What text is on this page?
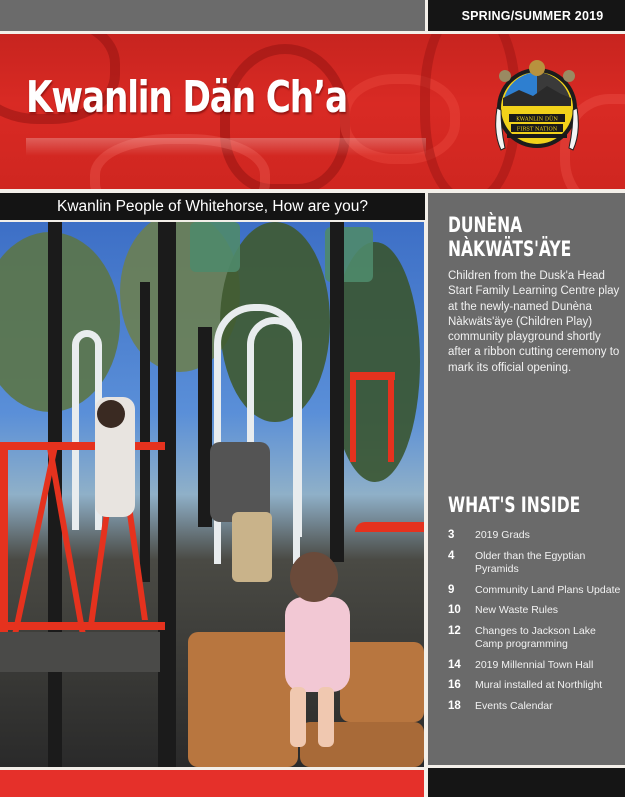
SPRING/SUMMER 2019
Kwanlin Dän Ch’a	KWANLIN DÜN
FIRST NATION
Kwanlin People of Whitehorse, How are you?
DUNÈNA
NÀKWÄTS'ÄYE

Children from the Dusk'a Head Start Family Learning Centre play at the newly-named Dunèna Nàkwäts'äye (Children Play) community playground shortly after a ribbon cutting ceremony to mark its official opening.

WHAT'S INSIDE
3	2019 Grads
4	Older than the Egyptian Pyramids
9	Community Land Plans Update
10	New Waste Rules
12	Changes to Jackson Lake Camp programming
14	2019 Millennial Town Hall
16	Mural installed at Northlight
18	Events Calendar
